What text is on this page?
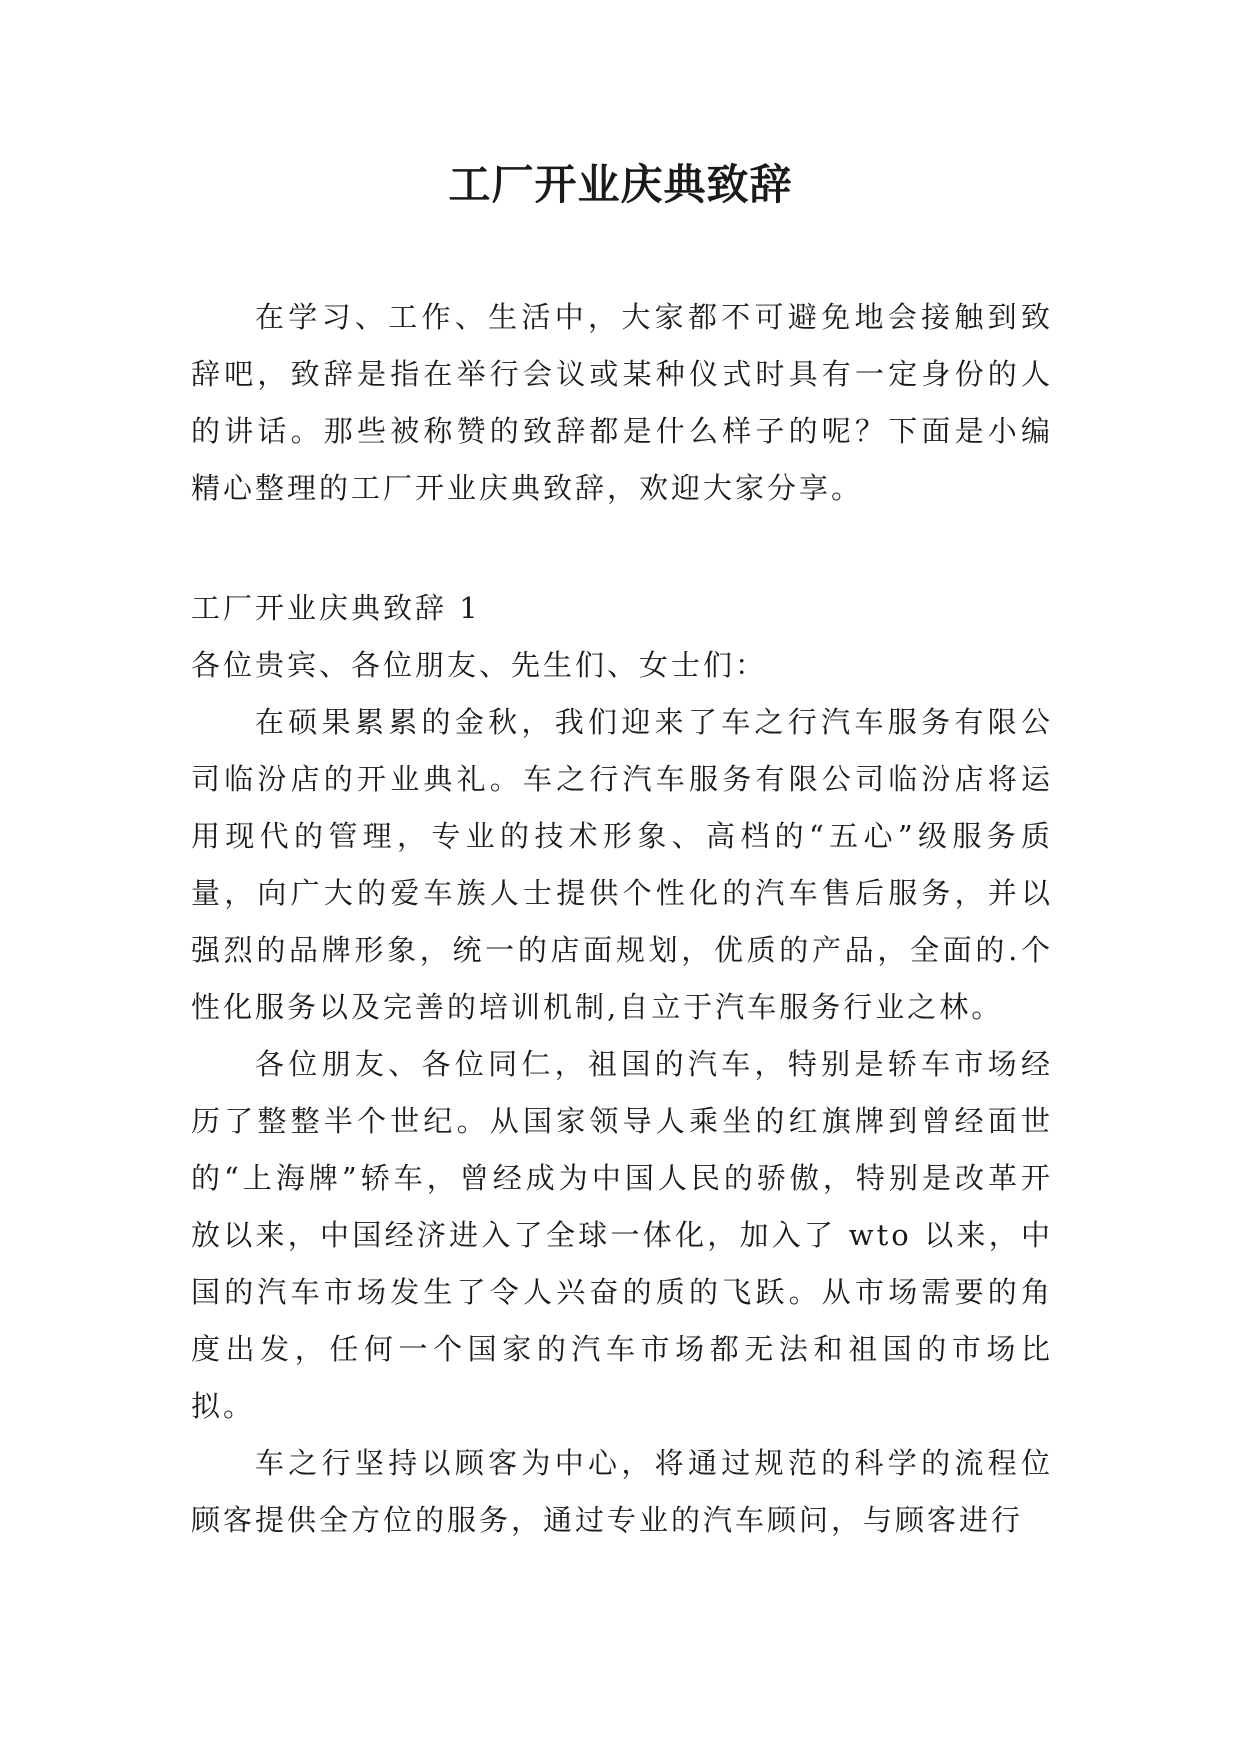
工厂开业庆典致辞

在学习、工作、生活中，大家都不可避免地会接触到致辞吧，致辞是指在举行会议或某种仪式时具有一定身份的人的讲话。那些被称赞的致辞都是什么样子的呢？下面是小编精心整理的工厂开业庆典致辞，欢迎大家分享。

工厂开业庆典致辞 1

各位贵宾、各位朋友、先生们、女士们：

在硕果累累的金秋，我们迎来了车之行汽车服务有限公司临汾店的开业典礼。车之行汽车服务有限公司临汾店将运用现代的管理，专业的技术形象、高档的“五心”级服务质量，向广大的爱车族人士提供个性化的汽车售后服务，并以强烈的品牌形象，统一的店面规划，优质的产品，全面的.个性化服务以及完善的培训机制,自立于汽车服务行业之林。

各位朋友、各位同仁，祖国的汽车，特别是轿车市场经历了整整半个世纪。从国家领导人乘坐的红旗牌到曾经面世的“上海牌”轿车，曾经成为中国人民的骄傲，特别是改革开放以来，中国经济进入了全球一体化，加入了 wto 以来，中国的汽车市场发生了令人兴奋的质的飞跃。从市场需要的角度出发，任何一个国家的汽车市场都无法和祖国的市场比拟。

车之行坚持以顾客为中心，将通过规范的科学的流程位顾客提供全方位的服务，通过专业的汽车顾问，与顾客进行
